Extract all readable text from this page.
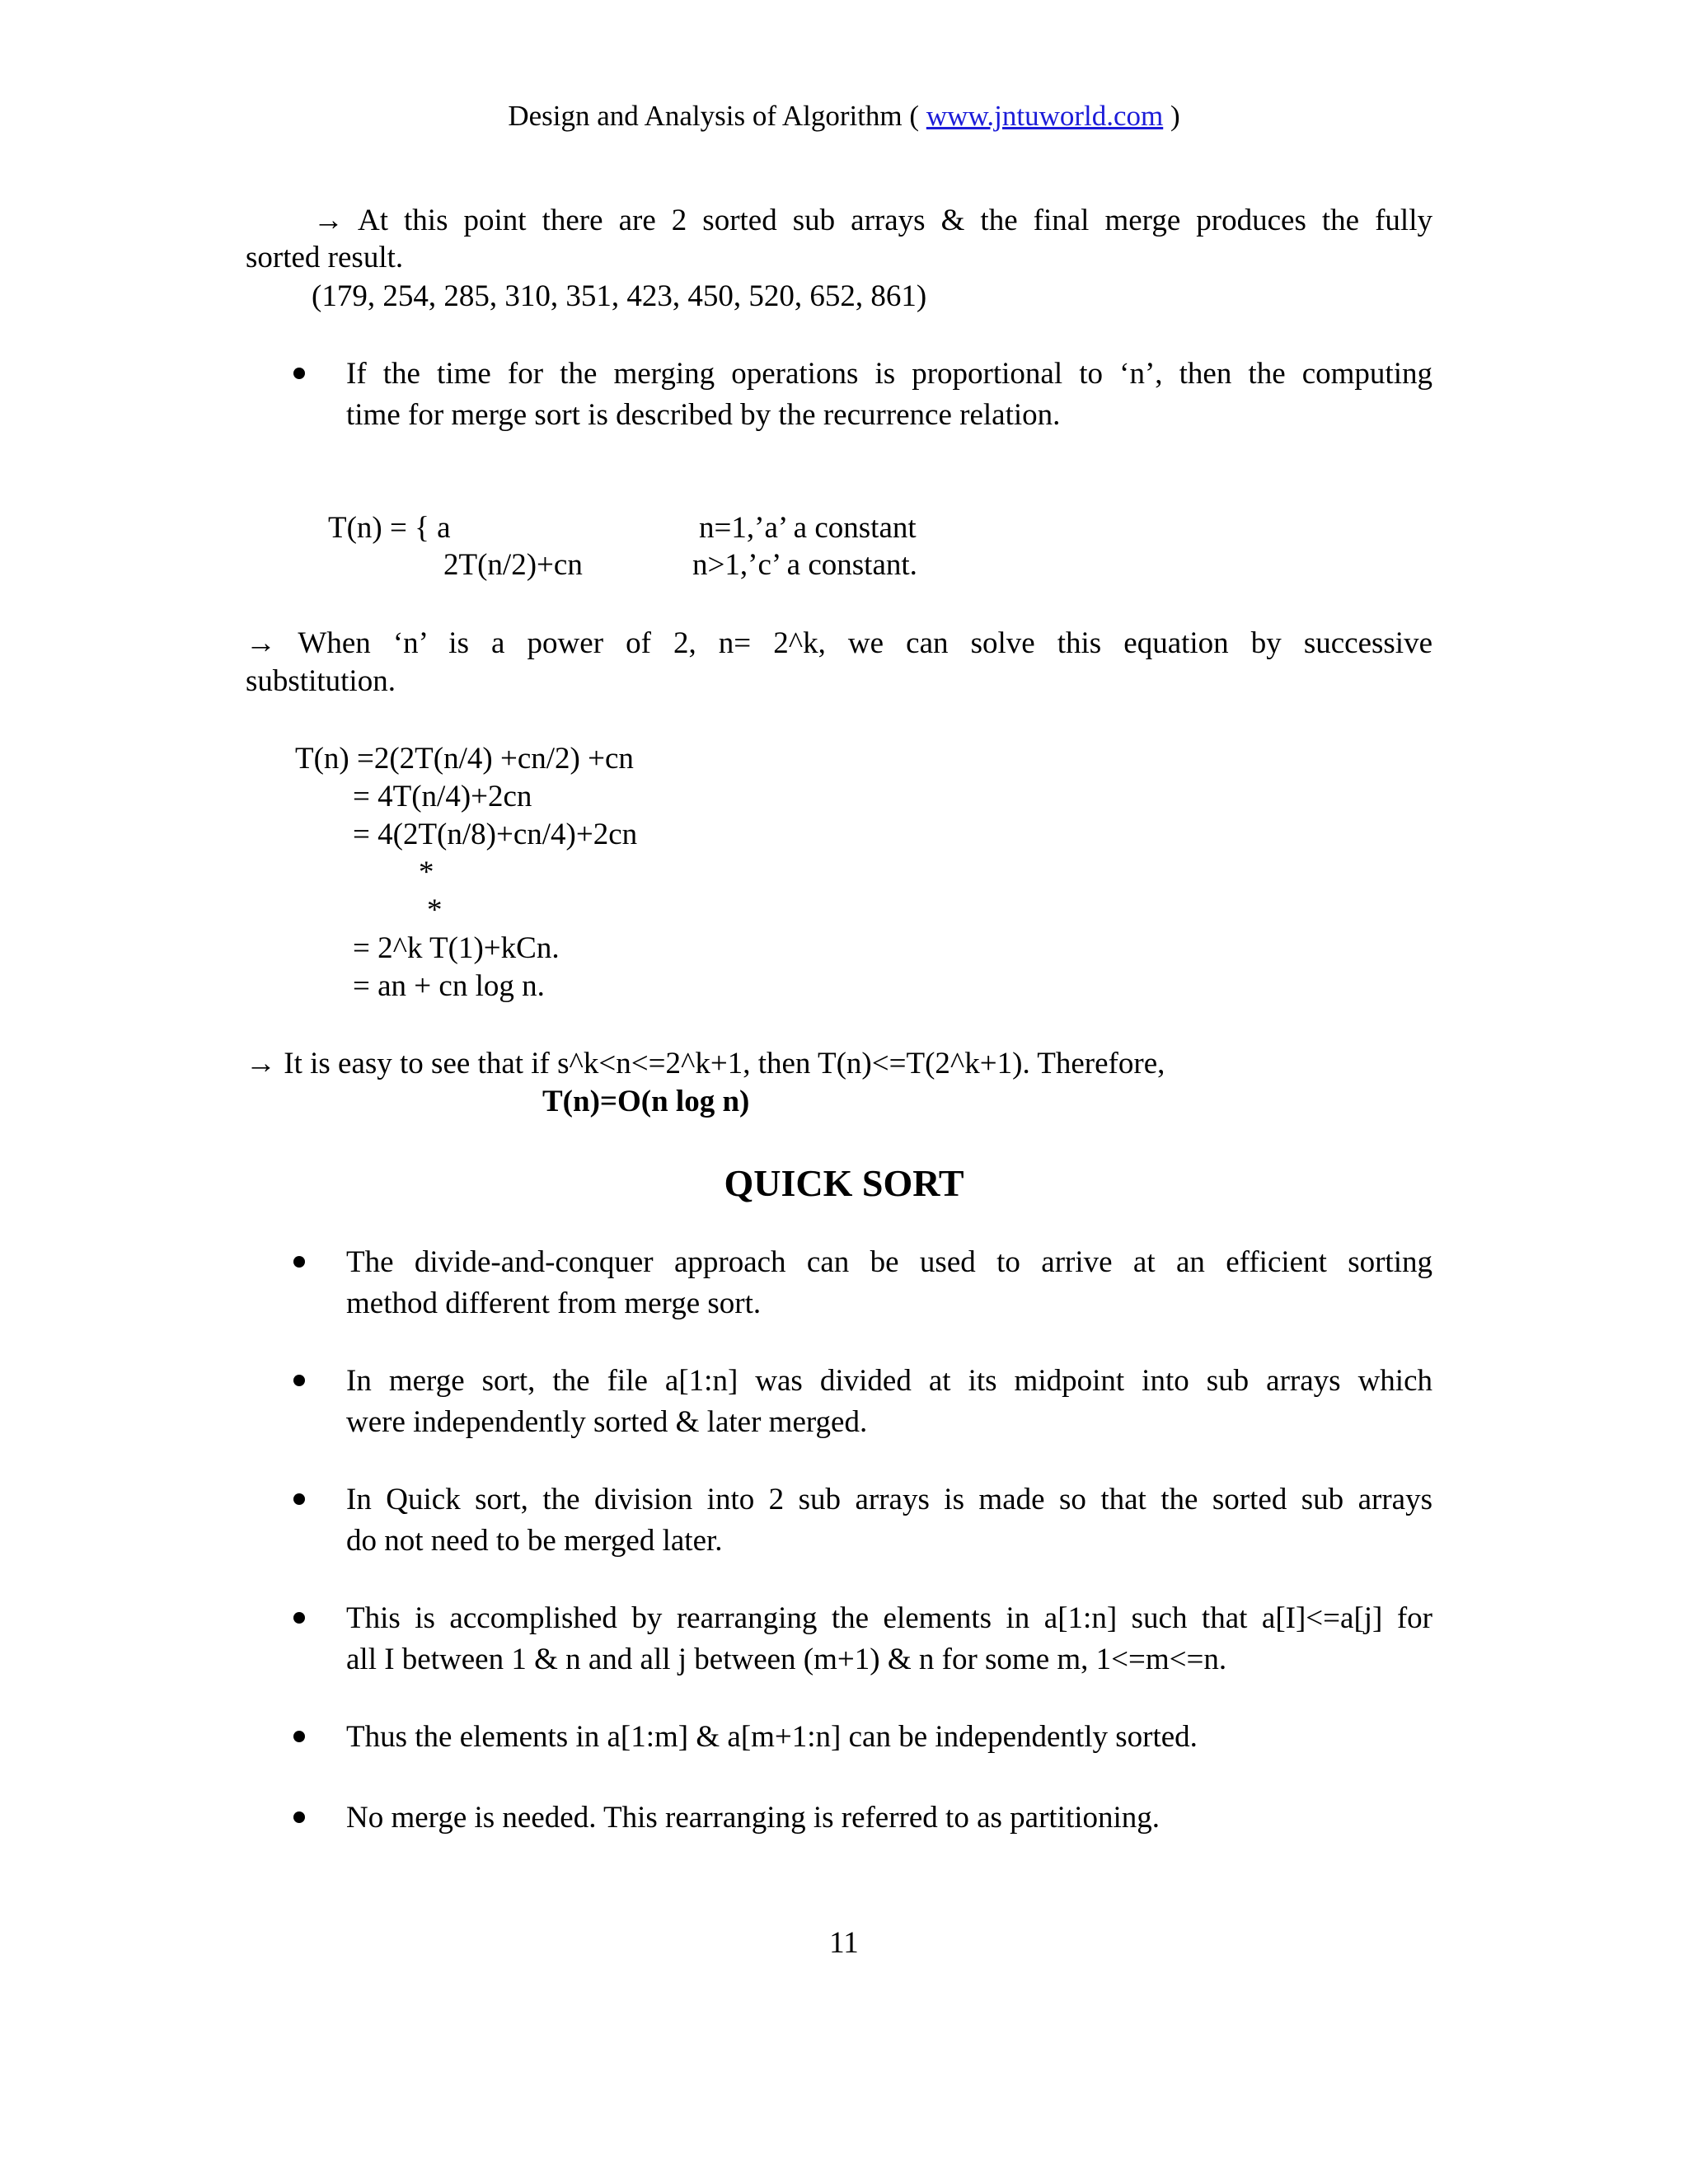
Design and Analysis of Algorithm ( www.jntuworld.com )
→ At this point there are 2 sorted sub arrays & the final merge produces the fully
sorted result.
(179, 254, 285, 310, 351, 423, 450, 520, 652, 861)
If the time for the merging operations is proportional to ‘n’, then the computing
time for merge sort is described by the recurrence relation.
T(n) = { a	n=1,’a’ a constant
2T(n/2)+cn	n>1,’c’ a constant.
→ When ‘n’ is a power of 2, n= 2^k, we can solve this equation by successive
substitution.
T(n) =2(2T(n/4) +cn/2) +cn
= 4T(n/4)+2cn
= 4(2T(n/8)+cn/4)+2cn
*
*
= 2^k T(1)+kCn.
= an + cn log n.
→ It is easy to see that if s^k<n<=2^k+1, then T(n)<=T(2^k+1). Therefore,
T(n)=O(n log n)
QUICK SORT
The divide-and-conquer approach can be used to arrive at an efficient sorting
method different from merge sort.
In merge sort, the file a[1:n] was divided at its midpoint into sub arrays which
were independently sorted & later merged.
In Quick sort, the division into 2 sub arrays is made so that the sorted sub arrays
do not need to be merged later.
This is accomplished by rearranging the elements in a[1:n] such that a[I]<=a[j] for
all I between 1 & n and all j between (m+1) & n for some m, 1<=m<=n.
Thus the elements in a[1:m] & a[m+1:n] can be independently sorted.
No merge is needed. This rearranging is referred to as partitioning.
11
